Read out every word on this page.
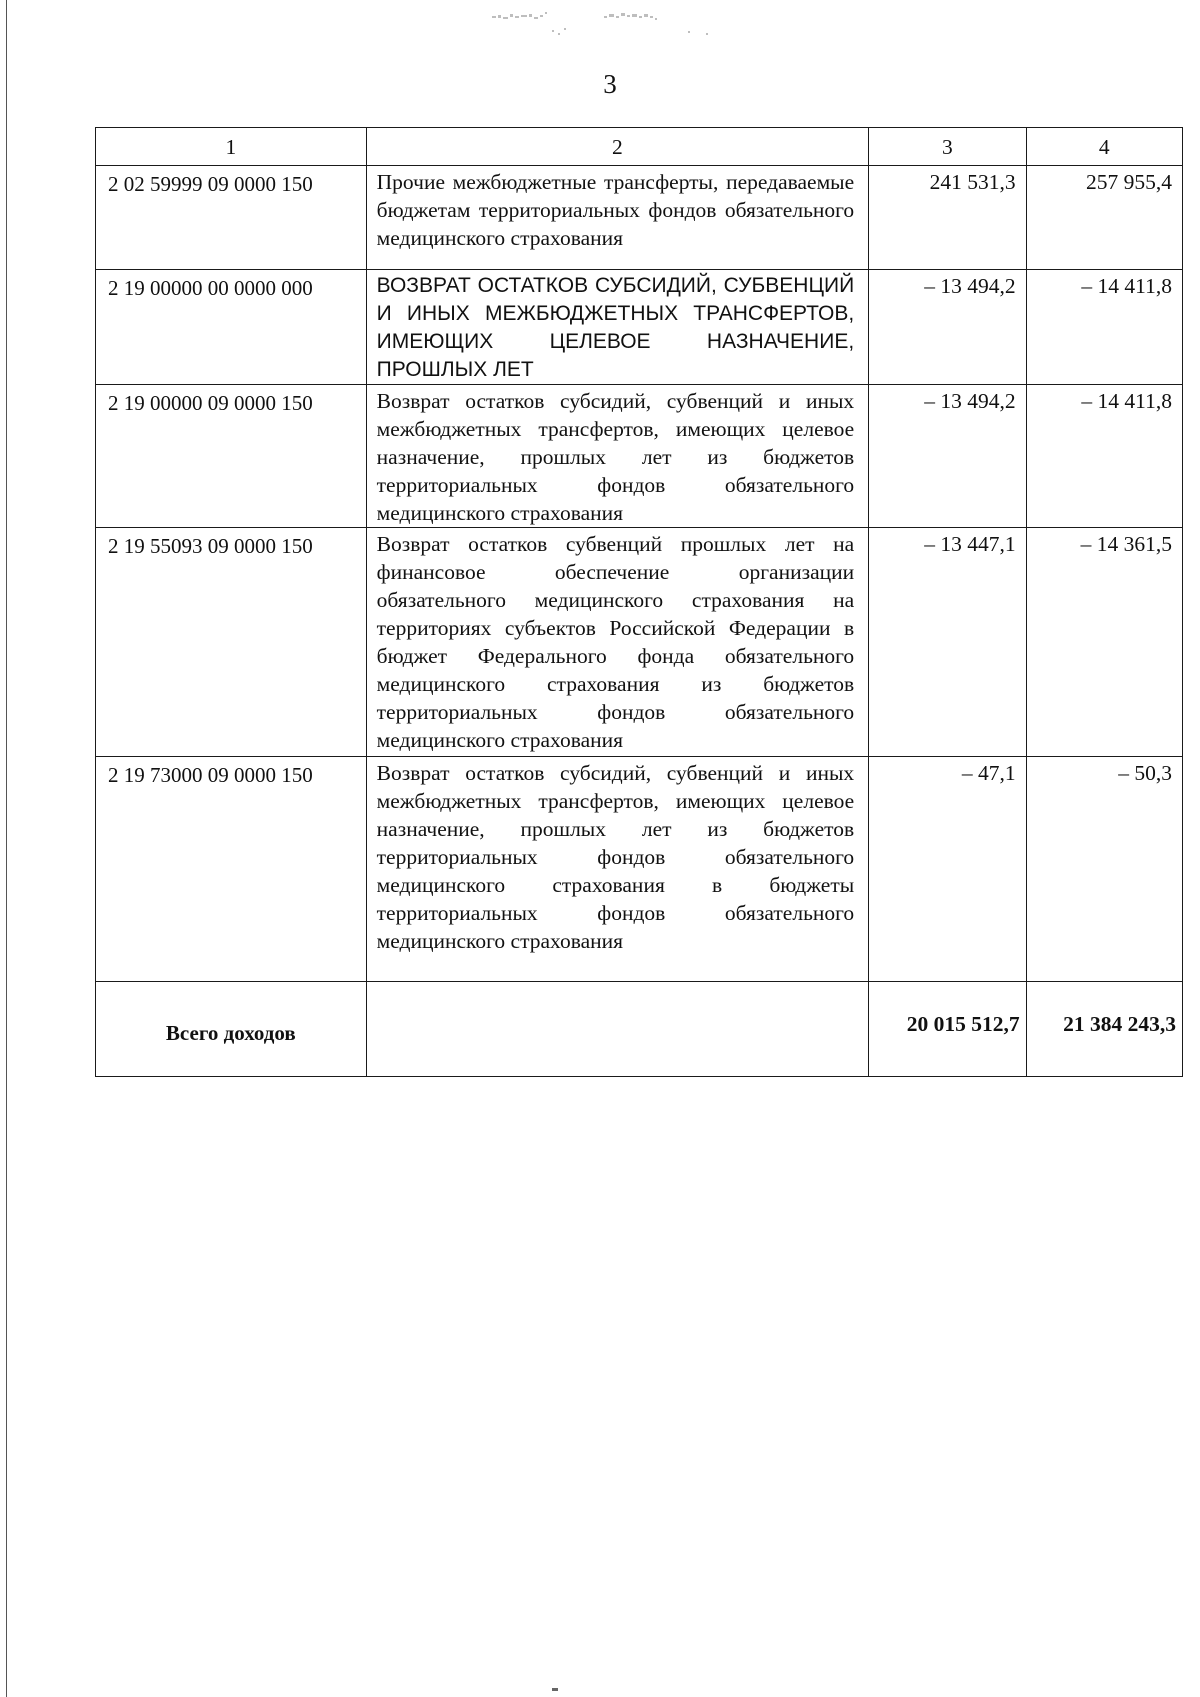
3
1	2	3	4
2 02 59999 09 0000 150	Прочие межбюджетные трансферты, передаваемые бюджетам территориальных фондов обязательного медицинского страхования	241 531,3	257 955,4
2 19 00000 00 0000 000	ВОЗВРАТ ОСТАТКОВ СУБСИДИЙ, СУБВЕНЦИЙ И ИНЫХ МЕЖБЮДЖЕТНЫХ ТРАНСФЕРТОВ, ИМЕЮЩИХ ЦЕЛЕВОЕ НАЗНАЧЕНИЕ, ПРОШЛЫХ ЛЕТ	– 13 494,2	– 14 411,8
2 19 00000 09 0000 150	Возврат остатков субсидий, субвенций и иных межбюджетных трансфертов, имеющих целевое назначение, прошлых лет из бюджетов территориальных фондов обязательного медицинского страхования	– 13 494,2	– 14 411,8
2 19 55093 09 0000 150	Возврат остатков субвенций прошлых лет на финансовое обеспечение организации обязательного медицинского страхования на территориях субъектов Российской Федерации в бюджет Федерального фонда обязательного медицинского страхования из бюджетов территориальных фондов обязательного медицинского страхования	– 13 447,1	– 14 361,5
2 19 73000 09 0000 150	Возврат остатков субсидий, субвенций и иных межбюджетных трансфертов, имеющих целевое назначение, прошлых лет из бюджетов территориальных фондов обязательного медицинского страхования в бюджеты территориальных фондов обязательного медицинского страхования	– 47,1	– 50,3
Всего доходов		20 015 512,7	21 384 243,3
